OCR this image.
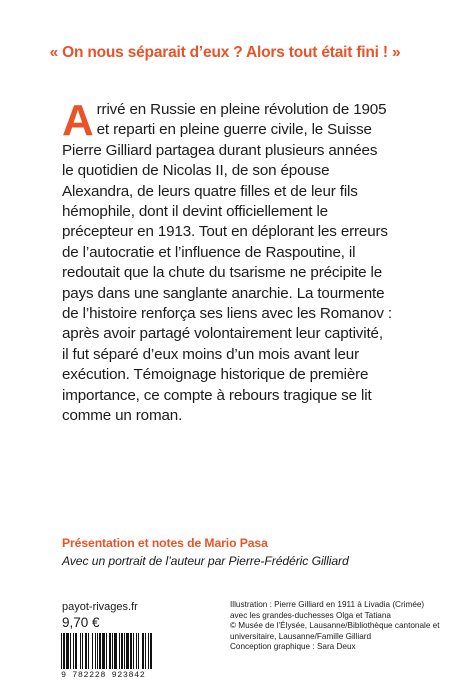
« On nous séparait d’eux ? Alors tout était fini ! »

Arrivé en Russie en pleine révolution de 1905 et reparti en pleine guerre civile, le Suisse Pierre Gilliard partagea durant plusieurs années le quotidien de Nicolas II, de son épouse Alexandra, de leurs quatre filles et de leur fils hémophile, dont il devint officiellement le précepteur en 1913. Tout en déplorant les erreurs de l’autocratie et l’influence de Raspoutine, il redoutait que la chute du tsarisme ne précipite le pays dans une sanglante anarchie. La tourmente de l’histoire renforça ses liens avec les Romanov : après avoir partagé volontairement leur captivité, il fut séparé d’eux moins d’un mois avant leur exécution. Témoignage historique de première importance, ce compte à rebours tragique se lit comme un roman.

Présentation et notes de Mario Pasa
Avec un portrait de l’auteur par Pierre-Frédéric Gilliard
payot-rivages.fr
9,70 €
9 782228 923842
Illustration : Pierre Gilliard en 1911 à Livadia (Crimée)
avec les grandes-duchesses Olga et Tatiana
© Musée de l’Élysée, Lausanne/Bibliothèque cantonale et
universitaire, Lausanne/Famille Gilliard
Conception graphique : Sara Deux
